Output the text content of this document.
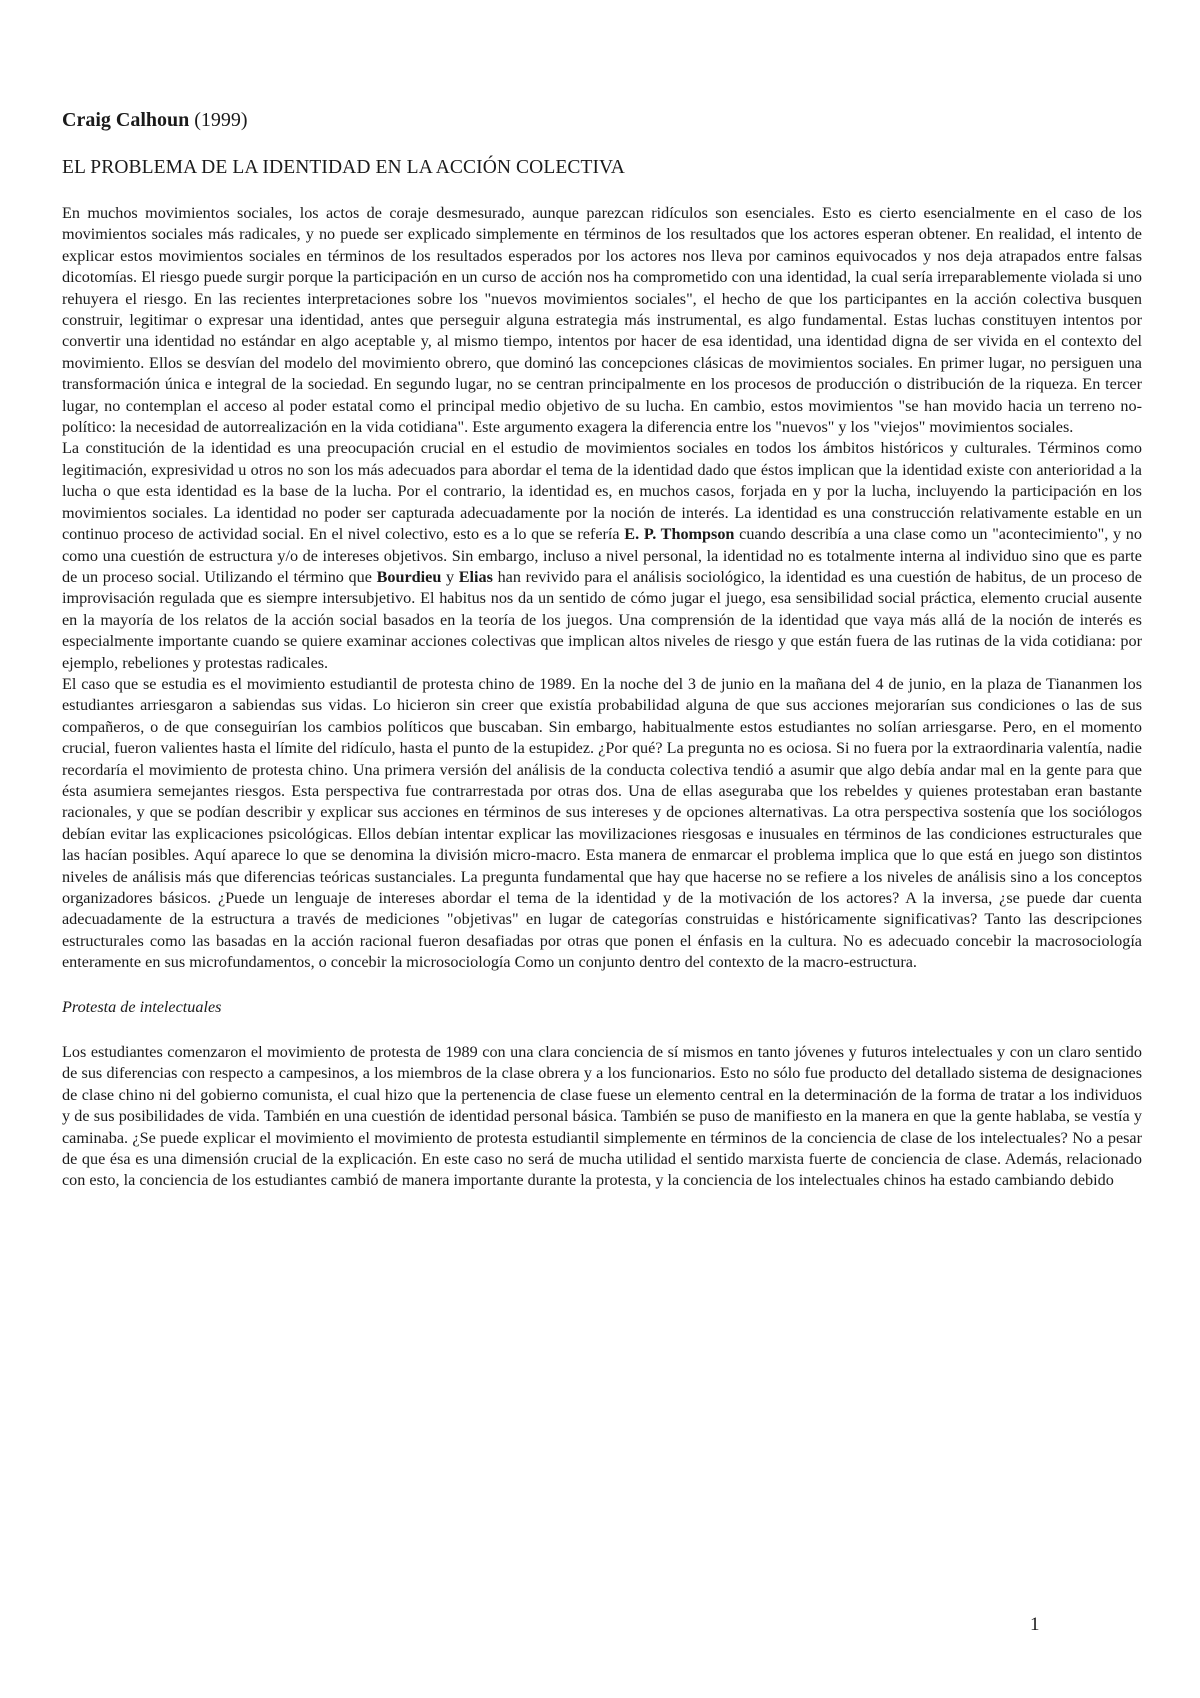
Craig Calhoun (1999)

EL PROBLEMA DE LA IDENTIDAD EN LA ACCIÓN COLECTIVA

En muchos movimientos sociales, los actos de coraje desmesurado, aunque parezcan ridículos son esenciales. Esto es cierto esencialmente en el caso de los movimientos sociales más radicales, y no puede ser explicado simplemente en términos de los resultados que los actores esperan obtener. En realidad, el intento de explicar estos movimientos sociales en términos de los resultados esperados por los actores nos lleva por caminos equivocados y nos deja atrapados entre falsas dicotomías. El riesgo puede surgir porque la participación en un curso de acción nos ha comprometido con una identidad, la cual sería irreparablemente violada si uno rehuyera el riesgo. En las recientes interpretaciones sobre los "nuevos movimientos sociales", el hecho de que los participantes en la acción colectiva busquen construir, legitimar o expresar una identidad, antes que perseguir alguna estrategia más instrumental, es algo fundamental. Estas luchas constituyen intentos por convertir una identidad no estándar en algo aceptable y, al mismo tiempo, intentos por hacer de esa identidad, una identidad digna de ser vivida en el contexto del movimiento. Ellos se desvían del modelo del movimiento obrero, que dominó las concepciones clásicas de movimientos sociales. En primer lugar, no persiguen una transformación única e integral de la sociedad. En segundo lugar, no se centran principalmente en los procesos de producción o distribución de la riqueza. En tercer lugar, no contemplan el acceso al poder estatal como el principal medio objetivo de su lucha. En cambio, estos movimientos "se han movido hacia un terreno no-político: la necesidad de autorrealización en la vida cotidiana". Este argumento exagera la diferencia entre los "nuevos" y los "viejos" movimientos sociales.

La constitución de la identidad es una preocupación crucial en el estudio de movimientos sociales en todos los ámbitos históricos y culturales. Términos como legitimación, expresividad u otros no son los más adecuados para abordar el tema de la identidad dado que éstos implican que la identidad existe con anterioridad a la lucha o que esta identidad es la base de la lucha. Por el contrario, la identidad es, en muchos casos, forjada en y por la lucha, incluyendo la participación en los movimientos sociales. La identidad no poder ser capturada adecuadamente por la noción de interés. La identidad es una construcción relativamente estable en un continuo proceso de actividad social. En el nivel colectivo, esto es a lo que se refería E. P. Thompson cuando describía a una clase como un "acontecimiento", y no como una cuestión de estructura y/o de intereses objetivos. Sin embargo, incluso a nivel personal, la identidad no es totalmente interna al individuo sino que es parte de un proceso social. Utilizando el término que Bourdieu y Elias han revivido para el análisis sociológico, la identidad es una cuestión de habitus, de un proceso de improvisación regulada que es siempre intersubjetivo. El habitus nos da un sentido de cómo jugar el juego, esa sensibilidad social práctica, elemento crucial ausente en la mayoría de los relatos de la acción social basados en la teoría de los juegos. Una comprensión de la identidad que vaya más allá de la noción de interés es especialmente importante cuando se quiere examinar acciones colectivas que implican altos niveles de riesgo y que están fuera de las rutinas de la vida cotidiana: por ejemplo, rebeliones y protestas radicales.

El caso que se estudia es el movimiento estudiantil de protesta chino de 1989. En la noche del 3 de junio en la mañana del 4 de junio, en la plaza de Tiananmen los estudiantes arriesgaron a sabiendas sus vidas. Lo hicieron sin creer que existía probabilidad alguna de que sus acciones mejorarían sus condiciones o las de sus compañeros, o de que conseguirían los cambios políticos que buscaban. Sin embargo, habitualmente estos estudiantes no solían arriesgarse. Pero, en el momento crucial, fueron valientes hasta el límite del ridículo, hasta el punto de la estupidez. ¿Por qué? La pregunta no es ociosa. Si no fuera por la extraordinaria valentía, nadie recordaría el movimiento de protesta chino. Una primera versión del análisis de la conducta colectiva tendió a asumir que algo debía andar mal en la gente para que ésta asumiera semejantes riesgos. Esta perspectiva fue contrarrestada por otras dos. Una de ellas aseguraba que los rebeldes y quienes protestaban eran bastante racionales, y que se podían describir y explicar sus acciones en términos de sus intereses y de opciones alternativas. La otra perspectiva sostenía que los sociólogos debían evitar las explicaciones psicológicas. Ellos debían intentar explicar las movilizaciones riesgosas e inusuales en términos de las condiciones estructurales que las hacían posibles. Aquí aparece lo que se denomina la división micro-macro. Esta manera de enmarcar el problema implica que lo que está en juego son distintos niveles de análisis más que diferencias teóricas sustanciales. La pregunta fundamental que hay que hacerse no se refiere a los niveles de análisis sino a los conceptos organizadores básicos. ¿Puede un lenguaje de intereses abordar el tema de la identidad y de la motivación de los actores? A la inversa, ¿se puede dar cuenta adecuadamente de la estructura a través de mediciones "objetivas" en lugar de categorías construidas e históricamente significativas? Tanto las descripciones estructurales como las basadas en la acción racional fueron desafiadas por otras que ponen el énfasis en la cultura. No es adecuado concebir la macrosociología enteramente en sus microfundamentos, o concebir la microsociología Como un conjunto dentro del contexto de la macro-estructura.

Protesta de intelectuales

Los estudiantes comenzaron el movimiento de protesta de 1989 con una clara conciencia de sí mismos en tanto jóvenes y futuros intelectuales y con un claro sentido de sus diferencias con respecto a campesinos, a los miembros de la clase obrera y a los funcionarios. Esto no sólo fue producto del detallado sistema de designaciones de clase chino ni del gobierno comunista, el cual hizo que la pertenencia de clase fuese un elemento central en la determinación de la forma de tratar a los individuos y de sus posibilidades de vida. También en una cuestión de identidad personal básica. También se puso de manifiesto en la manera en que la gente hablaba, se vestía y caminaba. ¿Se puede explicar el movimiento el movimiento de protesta estudiantil simplemente en términos de la conciencia de clase de los intelectuales? No a pesar de que ésa es una dimensión crucial de la explicación. En este caso no será de mucha utilidad el sentido marxista fuerte de conciencia de clase. Además, relacionado con esto, la conciencia de los estudiantes cambió de manera importante durante la protesta, y la conciencia de los intelectuales chinos ha estado cambiando debido

1
